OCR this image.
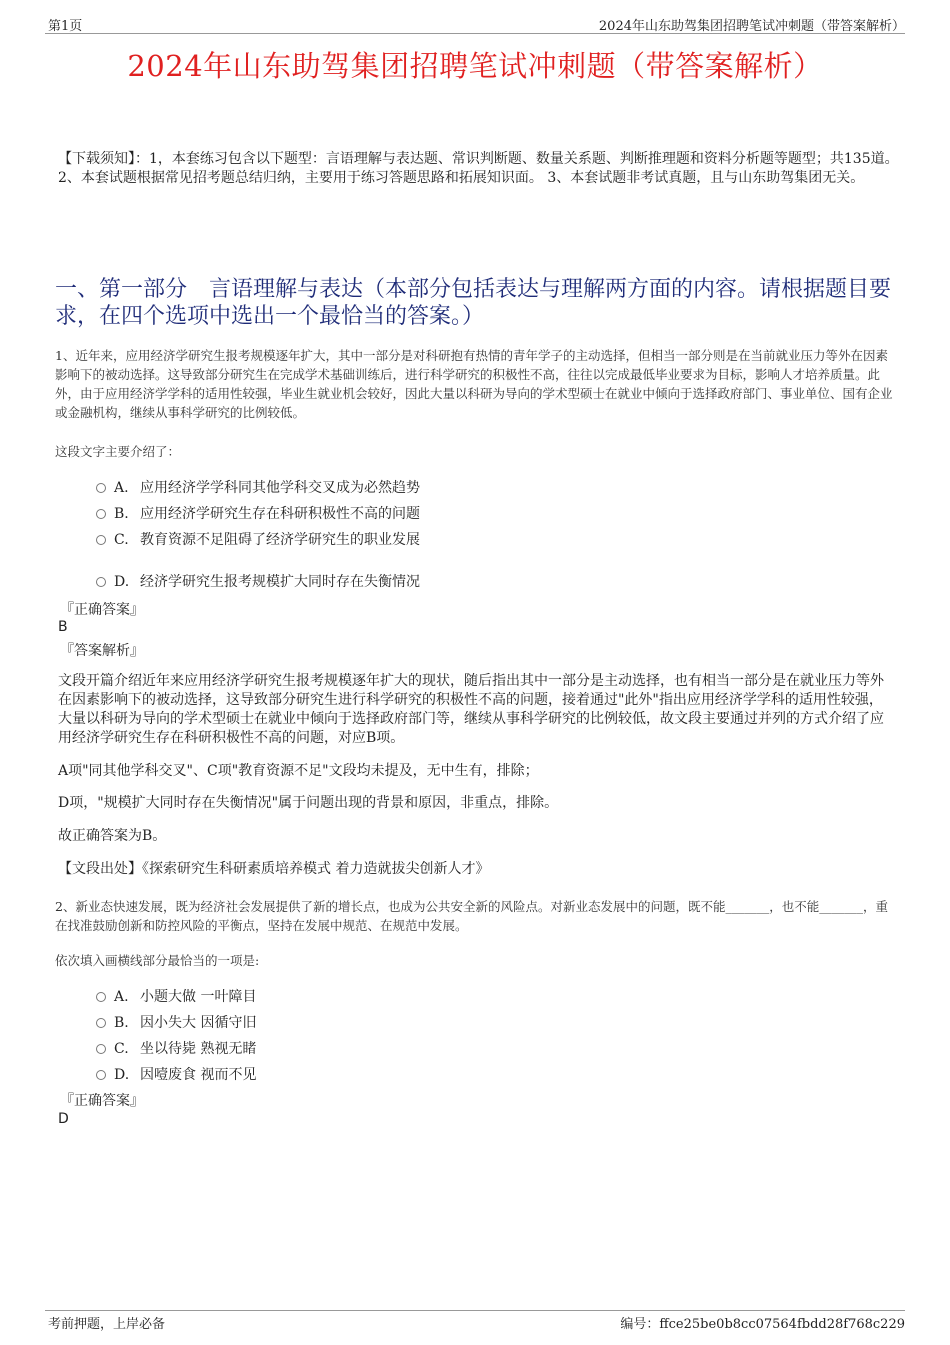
第1页	2024年山东助驾集团招聘笔试冲刺题（带答案解析）
2024年山东助驾集团招聘笔试冲刺题（带答案解析）
【下载须知】：1，本套练习包含以下题型：言语理解与表达题、常识判断题、数量关系题、判断推理题和资料分析题等题型；共135道。 2、本套试题根据常见招考题总结归纳，主要用于练习答题思路和拓展知识面。 3、本套试题非考试真题，且与山东助驾集团无关。
一、第一部分　言语理解与表达（本部分包括表达与理解两方面的内容。请根据题目要求，在四个选项中选出一个最恰当的答案。）
1、近年来，应用经济学研究生报考规模逐年扩大，其中一部分是对科研抱有热情的青年学子的主动选择，但相当一部分则是在当前就业压力等外在因素影响下的被动选择。这导致部分研究生在完成学术基础训练后，进行科学研究的积极性不高，往往以完成最低毕业要求为目标，影响人才培养质量。此外，由于应用经济学学科的适用性较强，毕业生就业机会较好，因此大量以科研为导向的学术型硕士在就业中倾向于选择政府部门、事业单位、国有企业或金融机构，继续从事科学研究的比例较低。
这段文字主要介绍了：
A. 应用经济学学科同其他学科交叉成为必然趋势
B. 应用经济学研究生存在科研积极性不高的问题
C. 教育资源不足阻碍了经济学研究生的职业发展
D. 经济学研究生报考规模扩大同时存在失衡情况
『正确答案』
B
『答案解析』
文段开篇介绍近年来应用经济学研究生报考规模逐年扩大的现状，随后指出其中一部分是主动选择，也有相当一部分是在就业压力等外在因素影响下的被动选择，这导致部分研究生进行科学研究的积极性不高的问题，接着通过"此外"指出应用经济学学科的适用性较强，大量以科研为导向的学术型硕士在就业中倾向于选择政府部门等，继续从事科学研究的比例较低，故文段主要通过并列的方式介绍了应用经济学研究生存在科研积极性不高的问题，对应B项。
A项"同其他学科交叉"、C项"教育资源不足"文段均未提及，无中生有，排除；
D项，"规模扩大同时存在失衡情况"属于问题出现的背景和原因，非重点，排除。
故正确答案为B。
【文段出处】《探索研究生科研素质培养模式 着力造就拔尖创新人才》
2、新业态快速发展，既为经济社会发展提供了新的增长点，也成为公共安全新的风险点。对新业态发展中的问题，既不能_______，也不能_______，重在找准鼓励创新和防控风险的平衡点，坚持在发展中规范、在规范中发展。
依次填入画横线部分最恰当的一项是:
A. 小题大做 一叶障目
B. 因小失大 因循守旧
C. 坐以待毙 熟视无睹
D. 因噎废食 视而不见
『正确答案』
D
考前押题，上岸必备	编号：ffce25be0b8cc07564fbdd28f768c229
